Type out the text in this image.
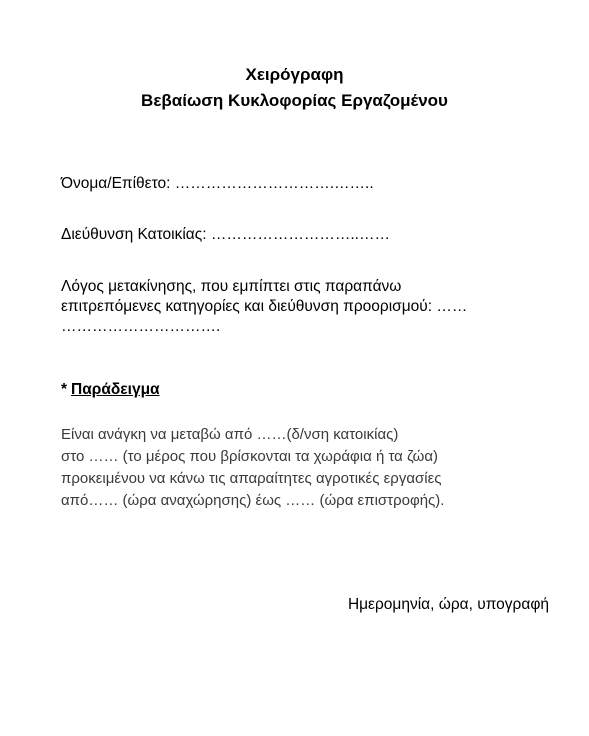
Χειρόγραφη
Βεβαίωση Κυκλοφορίας Εργαζομένου
Όνομα/Επίθετο: ………………………….……..
Διεύθυνση Κατοικίας: ………………………..……
Λόγος μετακίνησης, που εμπίπτει στις παραπάνω
επιτρεπόμενες κατηγορίες και διεύθυνση προορισμού: ……
………………………….
* Παράδειγμα
Είναι ανάγκη να μεταβώ από ……(δ/νση κατοικίας)
στο …… (το μέρος που βρίσκονται τα χωράφια ή τα ζώα)
προκειμένου να κάνω τις απαραίτητες αγροτικές εργασίες
από…… (ώρα αναχώρησης) έως …… (ώρα επιστροφής).
Ημερομηνία, ώρα, υπογραφή
